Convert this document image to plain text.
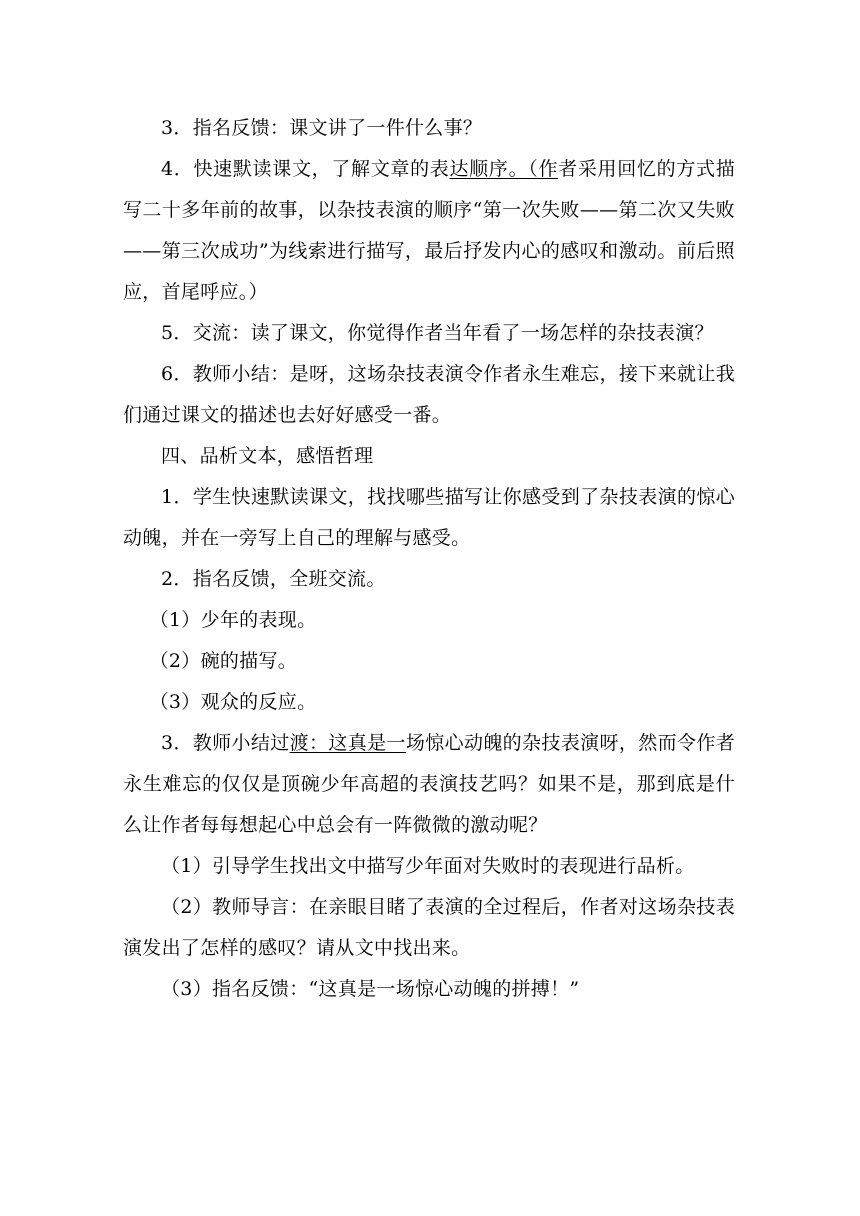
3．指名反馈：课文讲了一件什么事？

4．快速默读课文，了解文章的表达顺序。（作者采用回忆的方式描写二十多年前的故事，以杂技表演的顺序“第一次失败——第二次又失败——第三次成功”为线索进行描写，最后抒发内心的感叹和激动。前后照应，首尾呼应。）

5．交流：读了课文，你觉得作者当年看了一场怎样的杂技表演？

6．教师小结：是呀，这场杂技表演令作者永生难忘，接下来就让我们通过课文的描述也去好好感受一番。

四、品析文本，感悟哲理

1．学生快速默读课文，找找哪些描写让你感受到了杂技表演的惊心动魄，并在一旁写上自己的理解与感受。

2．指名反馈，全班交流。

（1）少年的表现。

（2）碗的描写。

（3）观众的反应。

3．教师小结过渡：这真是一场惊心动魄的杂技表演呀，然而令作者永生难忘的仅仅是顶碗少年高超的表演技艺吗？如果不是，那到底是什么让作者每每想起心中总会有一阵微微的激动呢？

（1）引导学生找出文中描写少年面对失败时的表现进行品析。

（2）教师导言：在亲眼目睹了表演的全过程后，作者对这场杂技表演发出了怎样的感叹？请从文中找出来。

（3）指名反馈：“这真是一场惊心动魄的拼搏！”
